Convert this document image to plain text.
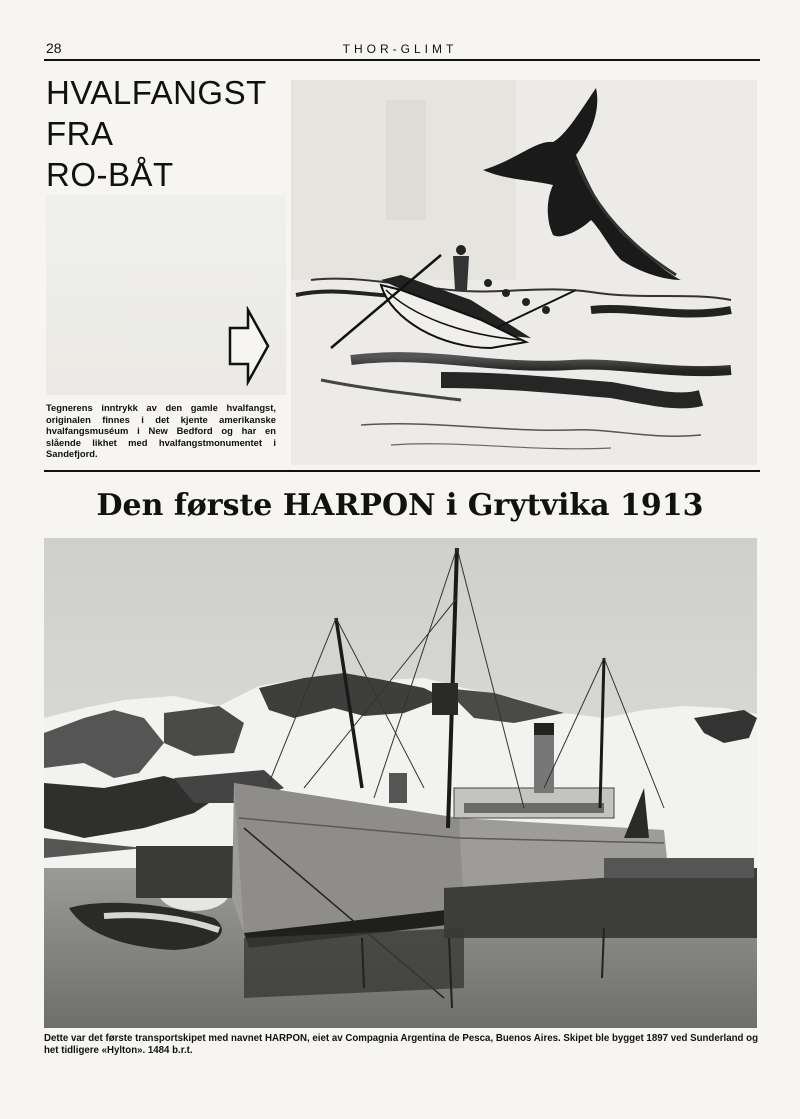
28	THOR-GLIMT
HVALFANGST
FRA
RO-BÅT
Tegnerens inntrykk av den gamle hvalfangst, originalen finnes i det kjente amerikanske hvalfangsmuséum i New Bedford og har en slående likhet med hvalfangstmonumentet i Sandefjord.
Den første HARPON i Grytvika 1913
Dette var det første transportskipet med navnet HARPON, eiet av Compagnia Argentina de Pesca, Buenos Aires. Skipet ble bygget 1897 ved Sunderland og het tidligere «Hylton». 1484 b.r.t.
